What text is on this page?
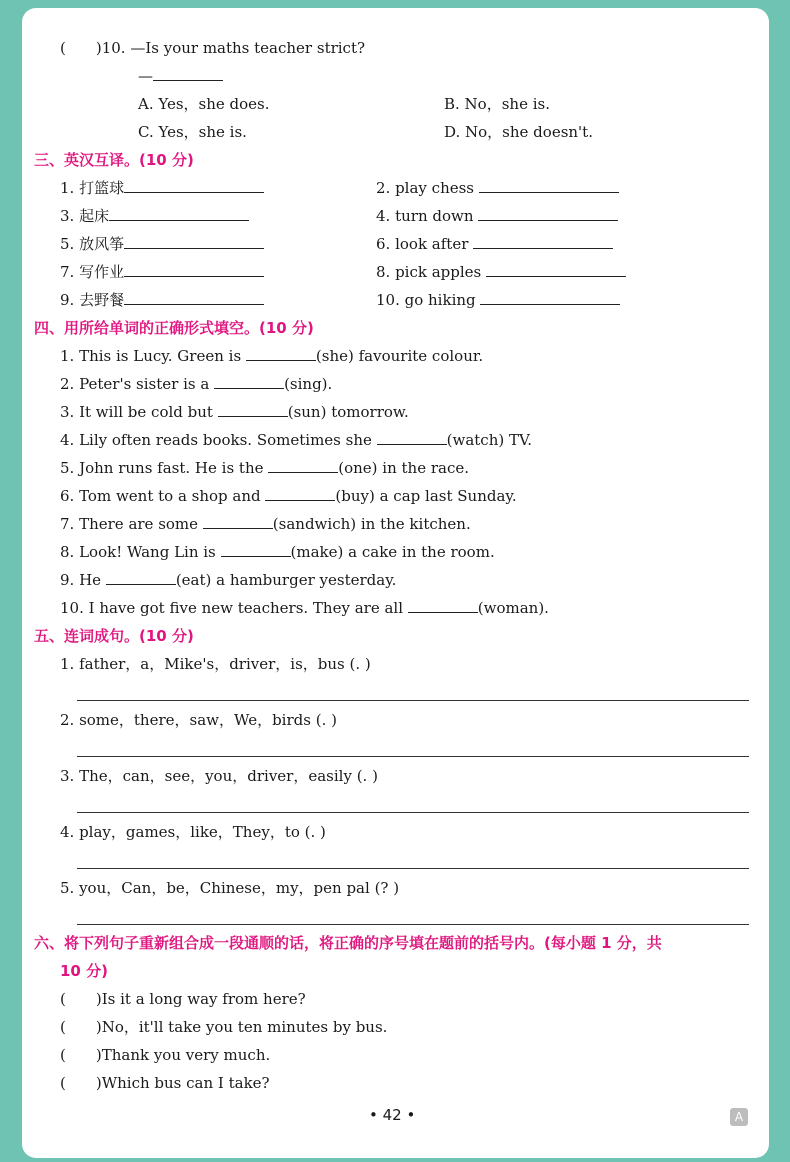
(　　)10. —Is your maths teacher strict?
—
A. Yes，she does.	B. No，she is.
C. Yes，she is.	D. No，she doesn't.
三、英汉互译。(10 分)
1. 打篮球	2. play chess
3. 起床	4. turn down
5. 放风筝	6. look after
7. 写作业	8. pick apples
9. 去野餐	10. go hiking
四、用所给单词的正确形式填空。(10 分)
1. This is Lucy. Green is	(she) favourite colour.
2. Peter's sister is a	(sing).
3. It will be cold but	(sun) tomorrow.
4. Lily often reads books. Sometimes she	(watch) TV.
5. John runs fast. He is the	(one) in the race.
6. Tom went to a shop and	(buy) a cap last Sunday.
7. There are some	(sandwich) in the kitchen.
8. Look! Wang Lin is	(make) a cake in the room.
9. He	(eat) a hamburger yesterday.
10. I have got five new teachers. They are all	(woman).
五、连词成句。(10 分)
1. father，a，Mike's，driver，is，bus (. )
2. some，there，saw，We，birds (. )
3. The，can，see，you，driver，easily (. )
4. play，games，like，They，to (. )
5. you，Can，be，Chinese，my，pen pal (? )
六、将下列句子重新组合成一段通顺的话，将正确的序号填在题前的括号内。(每小题 1 分，共
10 分)
(　　)Is it a long way from here?
(　　)No，it'll take you ten minutes by bus.
(　　)Thank you very much.
(　　)Which bus can I take?
• 42 •	A
